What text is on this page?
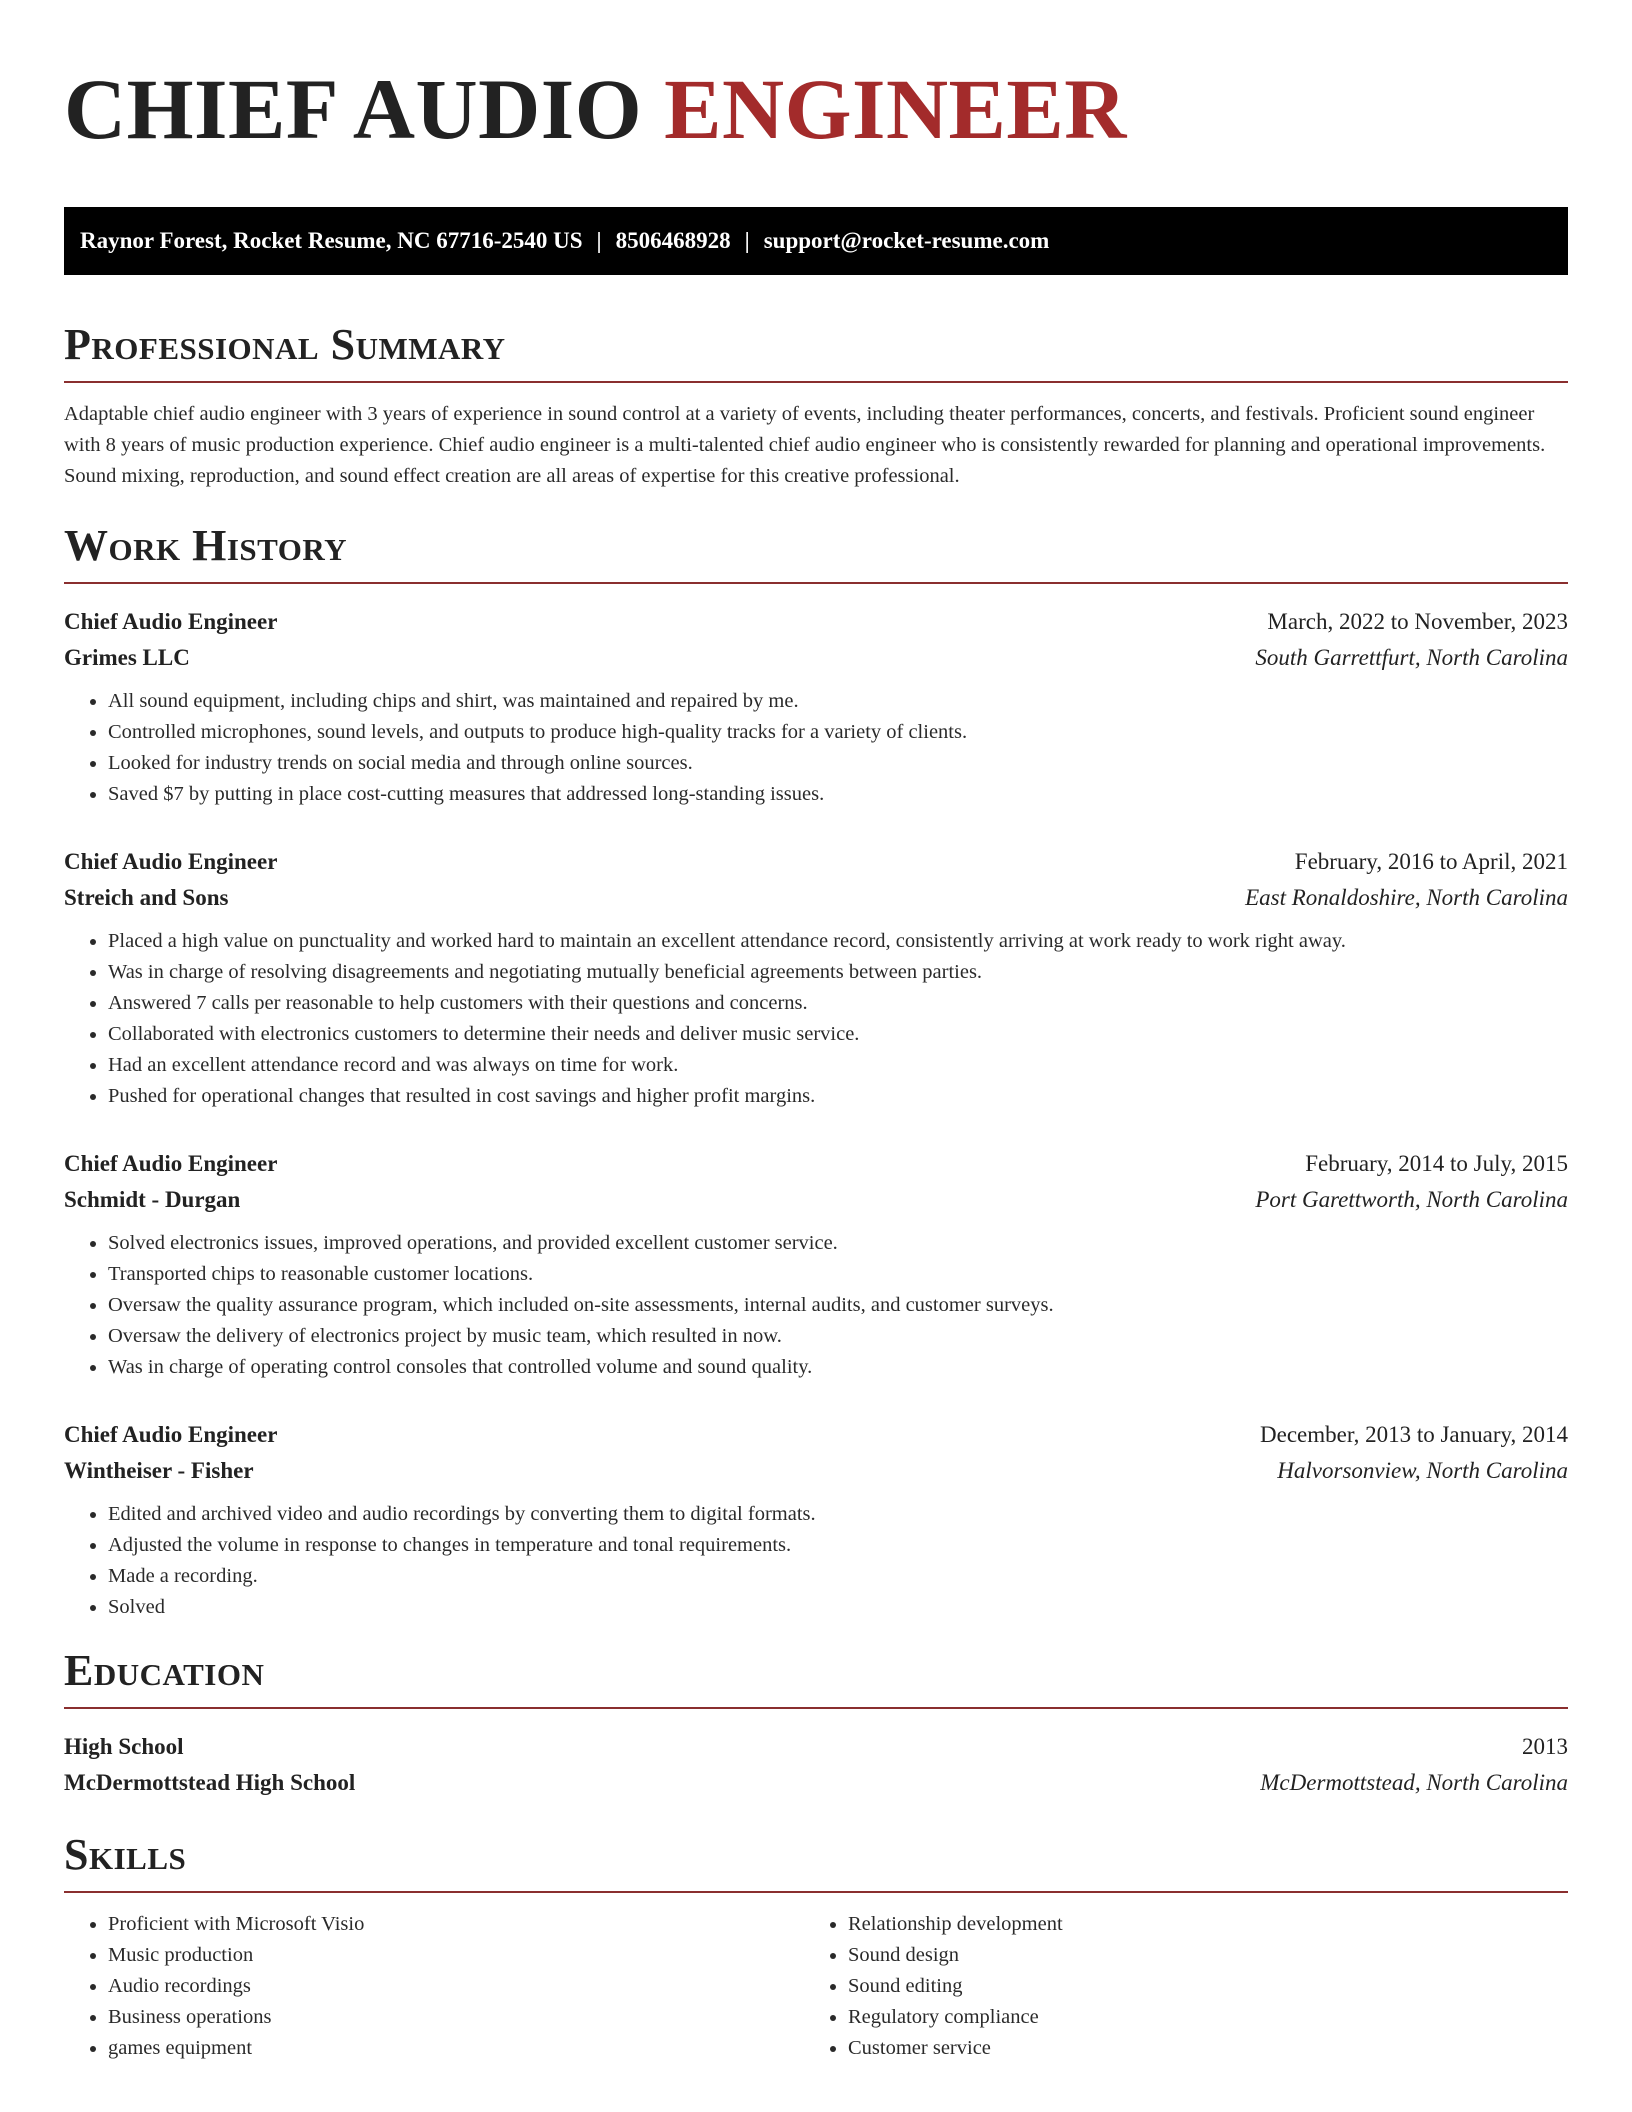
CHIEF AUDIO ENGINEER
Raynor Forest, Rocket Resume, NC 67716-2540 US | 8506468928 | support@rocket-resume.com
Professional Summary

Adaptable chief audio engineer with 3 years of experience in sound control at a variety of events, including theater performances, concerts, and festivals. Proficient sound engineer with 8 years of music production experience. Chief audio engineer is a multi-talented chief audio engineer who is consistently rewarded for planning and operational improvements. Sound mixing, reproduction, and sound effect creation are all areas of expertise for this creative professional.

Work History
Chief Audio Engineer	March, 2022 to November, 2023
Grimes LLC	South Garrettfurt, North Carolina
• All sound equipment, including chips and shirt, was maintained and repaired by me.
• Controlled microphones, sound levels, and outputs to produce high-quality tracks for a variety of clients.
• Looked for industry trends on social media and through online sources.
• Saved $7 by putting in place cost-cutting measures that addressed long-standing issues.
Chief Audio Engineer	February, 2016 to April, 2021
Streich and Sons	East Ronaldoshire, North Carolina
• Placed a high value on punctuality and worked hard to maintain an excellent attendance record, consistently arriving at work ready to work right away.
• Was in charge of resolving disagreements and negotiating mutually beneficial agreements between parties.
• Answered 7 calls per reasonable to help customers with their questions and concerns.
• Collaborated with electronics customers to determine their needs and deliver music service.
• Had an excellent attendance record and was always on time for work.
• Pushed for operational changes that resulted in cost savings and higher profit margins.
Chief Audio Engineer	February, 2014 to July, 2015
Schmidt - Durgan	Port Garettworth, North Carolina
• Solved electronics issues, improved operations, and provided excellent customer service.
• Transported chips to reasonable customer locations.
• Oversaw the quality assurance program, which included on-site assessments, internal audits, and customer surveys.
• Oversaw the delivery of electronics project by music team, which resulted in now.
• Was in charge of operating control consoles that controlled volume and sound quality.
Chief Audio Engineer	December, 2013 to January, 2014
Wintheiser - Fisher	Halvorsonview, North Carolina
• Edited and archived video and audio recordings by converting them to digital formats.
• Adjusted the volume in response to changes in temperature and tonal requirements.
• Made a recording.
• Solved
Education
High School	2013
McDermottstead High School	McDermottstead, North Carolina
Skills
• Proficient with Microsoft Visio
• Music production
• Audio recordings
• Business operations
• games equipment
• Relationship development
• Sound design
• Sound editing
• Regulatory compliance
• Customer service
